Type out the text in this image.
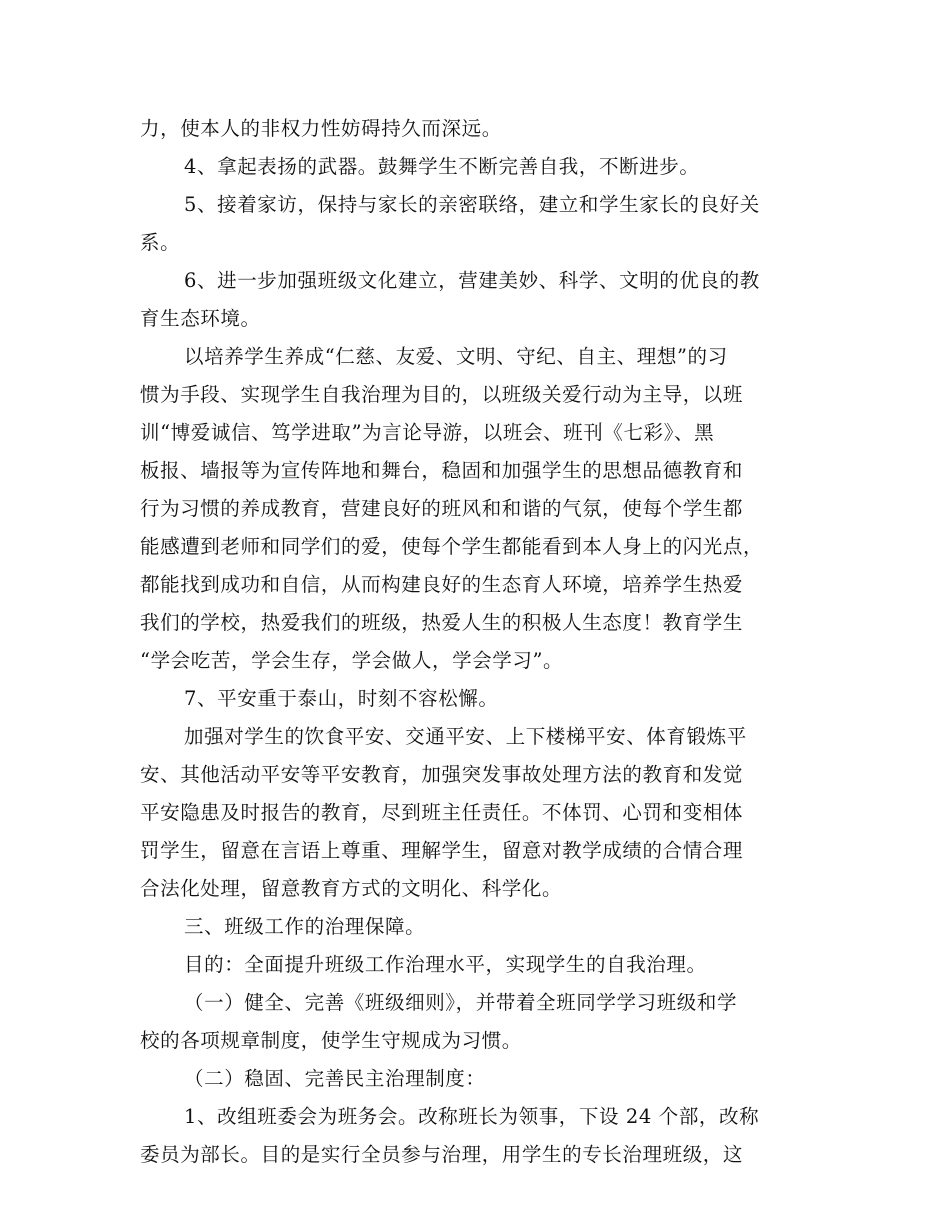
力，使本人的非权力性妨碍持久而深远。
4、拿起表扬的武器。鼓舞学生不断完善自我，不断进步。
5、接着家访，保持与家长的亲密联络，建立和学生家长的良好关
系。
6、进一步加强班级文化建立，营建美妙、科学、文明的优良的教
育生态环境。
以培养学生养成“仁慈、友爱、文明、守纪、自主、理想”的习
惯为手段、实现学生自我治理为目的，以班级关爱行动为主导，以班
训“博爱诚信、笃学进取”为言论导游，以班会、班刊《七彩》、黑
板报、墙报等为宣传阵地和舞台，稳固和加强学生的思想品德教育和
行为习惯的养成教育，营建良好的班风和和谐的气氛，使每个学生都
能感遭到老师和同学们的爱，使每个学生都能看到本人身上的闪光点，
都能找到成功和自信，从而构建良好的生态育人环境，培养学生热爱
我们的学校，热爱我们的班级，热爱人生的积极人生态度！教育学生
“学会吃苦，学会生存，学会做人，学会学习”。
7、平安重于泰山，时刻不容松懈。
加强对学生的饮食平安、交通平安、上下楼梯平安、体育锻炼平
安、其他活动平安等平安教育，加强突发事故处理方法的教育和发觉
平安隐患及时报告的教育，尽到班主任责任。不体罚、心罚和变相体
罚学生，留意在言语上尊重、理解学生，留意对教学成绩的合情合理
合法化处理，留意教育方式的文明化、科学化。
三、班级工作的治理保障。
目的：全面提升班级工作治理水平，实现学生的自我治理。
（一）健全、完善《班级细则》，并带着全班同学学习班级和学
校的各项规章制度，使学生守规成为习惯。
（二）稳固、完善民主治理制度：
1、改组班委会为班务会。改称班长为领事，下设 24 个部，改称
委员为部长。目的是实行全员参与治理，用学生的专长治理班级，这
